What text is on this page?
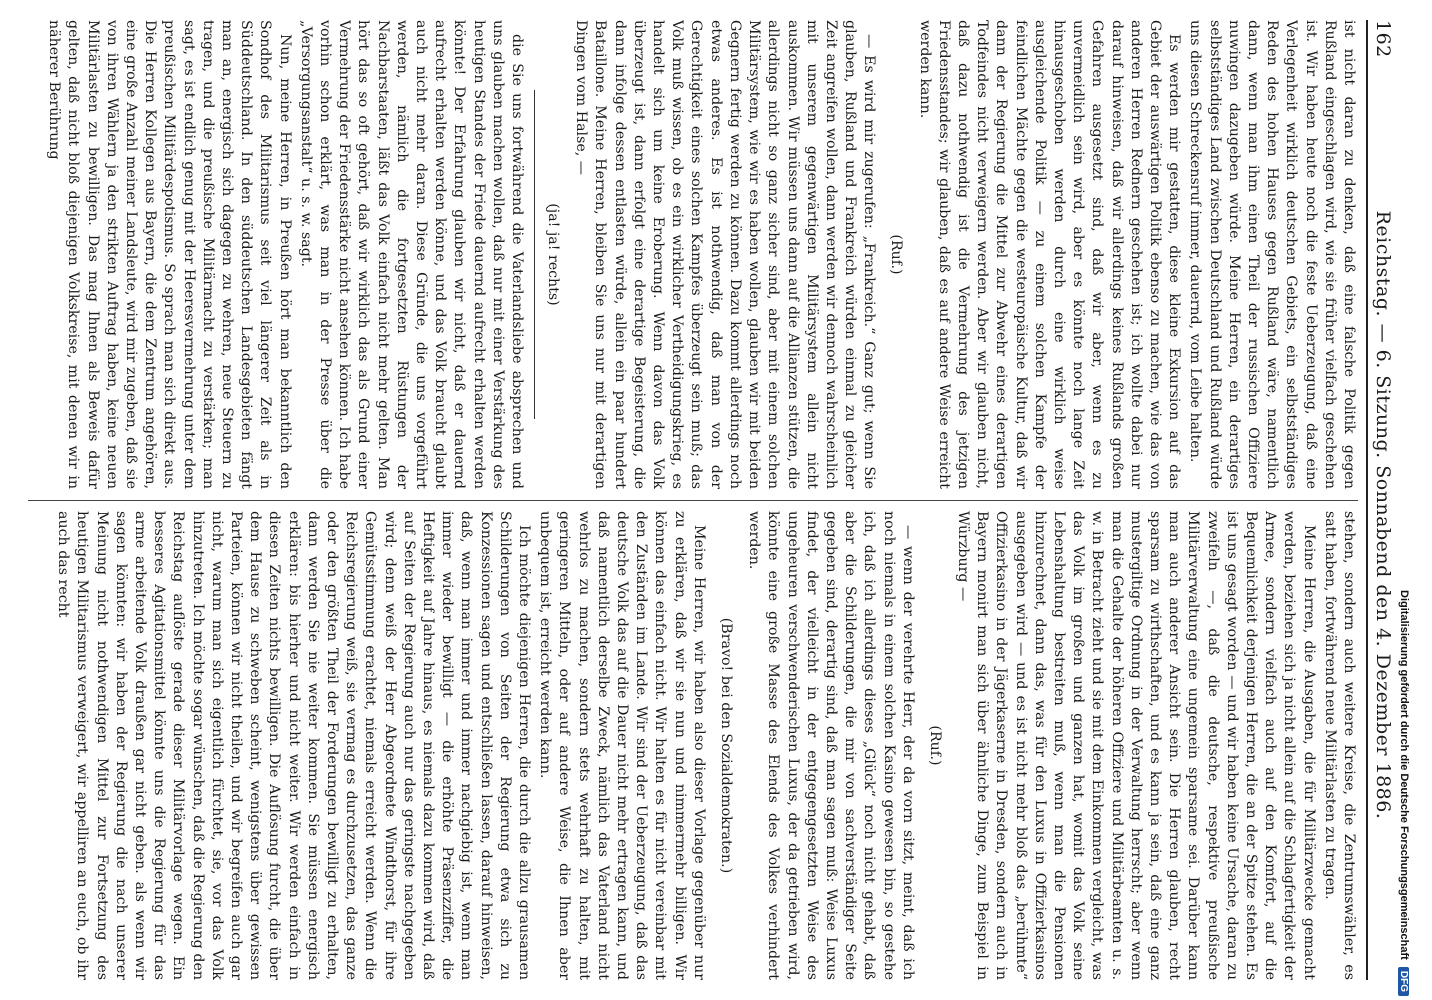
162
Reichstag. — 6. Sitzung. Sonnabend den 4. Dezember 1886.

ist nicht daran zu denken, daß eine falsche Politik gegen Rußland eingeschlagen wird, wie sie früher vielfach geschehen ist. Wir haben heute noch die feste Ueberzeugung, daß eine Verlegenheit wirklich deutschen Gebiets, ein selbstständiges Reden des hohen Hauses gegen Rußland wäre, namentlich dann, wenn man ihm einen Theil der russischen Offiziere nuwingen dazugeben würde. Meine Herren, ein derartiges selbstständiges Land zwischen Deutschland und Rußland würde uns diesen Schreckensruf immer, dauernd, vom Leibe halten.

Es werden mir gestatten, diese kleine Exkursion auf das Gebiet der auswärtigen Politik ebenso zu machen, wie das von anderen Herren Rednern geschehen ist; ich wollte dabei nur darauf hinweisen, daß wir allerdings keines Rußlands großen Gefahren ausgesetzt sind, daß wir aber, wenn es zu unvermeidlich sein wird, aber es könnte noch lange Zeit hinausgeschoben werden durch eine wirklich weise ausgleichende Politik — zu einem solchen Kampfe der feindlichen Mächte gegen die westeuropäische Kultur, daß wir dann der Regierung die Mittel zur Abwehr eines derartigen Todfeindes nicht verweigern werden. Aber wir glauben nicht, daß dazu nothwendig ist die Vermehrung des jetzigen Friedensstandes; wir glauben, daß es auf andere Weise erreicht werden kann.

(Ruf.)

— Es wird mir zugerufen: „Frankreich.“ Ganz gut; wenn Sie glauben, Rußland und Frankreich würden einmal zu gleicher Zeit angreifen wollen, dann werden wir dennoch wahrscheinlich mit unserem gegenwärtigen Militärsystem allein nicht auskommen. Wir müssen uns dann auf die Allianzen stützen, die allerdings nicht so ganz sicher sind, aber mit einem solchen Militärsystem, wie wir es haben wollen, glauben wir mit beiden Gegnern fertig werden zu können. Dazu kommt allerdings noch etwas anderes. Es ist nothwendig, daß man von der Gerechtigkeit eines solchen Kampfes überzeugt sein muß; das Volk muß wissen, ob es ein wirklicher Vertheidigungskrieg, es handelt sich um keine Eroberung. Wenn davon das Volk überzeugt ist, dann erfolgt eine derartige Begeisterung, die dann infolge dessen entlasten würde, allein ein paar hundert Bataillone. Meine Herren, bleiben Sie uns nur mit derartigen Dingen vom Halse, —

(ja! ja! rechts)

die Sie uns fortwährend die Vaterlandsliebe absprechen und uns glauben machen wollen, daß nur mit einer Verstärkung des heutigen Standes der Friede dauernd aufrecht erhalten werden könnte! Der Erfahrung glauben wir nicht, daß er dauernd aufrecht erhalten werden könne, und das Volk braucht glaubt auch nicht mehr daran. Diese Gründe, die uns vorgeführt werden, nämlich die fortgesetzten Rüstungen der Nachbarstaaten, läßt das Volk einfach nicht mehr gelten. Man hört das so oft gehört, daß wir wirklich das als Grund einer Vermehrung der Friedensstärke nicht ansehen können. Ich habe vorhin schon erklärt, was man in der Presse über die „Versorgungsanstalt“ u. s. w. sagt.

Nun, meine Herren, in Preußen hört man bekanntlich den Sondhof des Militarismus seit viel längerer Zeit als in Süddeutschland. In den süddeutschen Landesgebieten fängt man an, energisch sich dagegen zu wehren, neue Steuern zu tragen, und die preußische Militärmacht zu verstärken; man sagt, es ist endlich genug mit der Heeresvermehrung unter dem preußischen Militärdespotismus. So sprach man sich direkt aus. Die Herren Kollegen aus Bayern, die dem Zentrum angehören, eine große Anzahl meiner Landsleute, wird mir zugeben, daß sie von ihren Wählern ja den strikten Auftrag haben, keine neuen Militärlasten zu bewilligen. Das mag Ihnen als Beweis dafür gelten, daß nicht bloß diejenigen Volkskreise, mit denen wir in näherer Berührung

stehen, sondern auch weitere Kreise, die Zentrumswähler, es satt haben, fortwährend neue Militärlasten zu tragen.

Meine Herren, die Ausgaben, die für Militärzwecke gemacht werden, beziehen sich ja nicht allein auf die Schlagfertigkeit der Armee, sondern vielfach auch auf den Komfort, auf die Bequemlichkeit derjenigen Herren, die an der Spitze stehen. Es ist uns gesagt worden — und wir haben keine Ursache, daran zu zweifeln —, daß die deutsche, respektive preußische Militärverwaltung eine ungemein sparsame sei. Darüber kann man auch anderer Ansicht sein. Die Herren glauben, recht sparsam zu wirthschaften, und es kann ja sein, daß eine ganz mustergiltige Ordnung in der Verwaltung herrscht; aber wenn man die Gehalte der höheren Offiziere und Militärbeamten u. s. w. in Betracht zieht und sie mit dem Einkommen vergleicht, was das Volk im großen und ganzen hat, womit das Volk seine Lebenshaltung bestreiten muß, wenn man die Pensionen hinzurechnet, dann das, was für den Luxus in Offizierkasinos ausgegeben wird — und es ist nicht mehr bloß das „berühmte“ Offizierkasino in der Jägerkaserne in Dresden, sondern auch in Bayern monirt man sich über ähnliche Dinge, zum Beispiel in Würzburg —

(Ruf.)

— wenn der verehrte Herr, der da vorn sitzt, meint, daß ich noch niemals in einem solchen Kasino gewesen bin, so gestehe ich, daß ich allerdings dieses „Glück“ noch nicht gehabt, daß aber die Schilderungen, die mir von sachverständiger Seite gegeben sind, derartig sind, daß man sagen muß: Weise Luxus findet, der vielleicht in der entgegengesetzten Weise des ungeheuren verschwenderischen Luxus, der da getrieben wird, könnte eine große Masse des Elends des Volkes verhindert werden.

(Bravo! bei den Sozialdemokraten.)

Meine Herren, wir haben also dieser Vorlage gegenüber nur zu erklären, daß wir sie nun und nimmermehr billigen. Wir können das einfach nicht. Wir halten es für nicht vereinbar mit den Zuständen im Lande. Wir sind der Ueberzeugung, daß das deutsche Volk das auf die Dauer nicht mehr ertragen kann, und daß namentlich derselbe Zweck, nämlich das Vaterland nicht wehrlos zu machen, sondern stets wehrhaft zu halten, mit geringeren Mitteln, oder auf andere Weise, die Ihnen aber unbequem ist, erreicht werden kann.

Ich möchte diejenigen Herren, die durch die allzu grausamen Schilderungen von Seiten der Regierung etwa sich zu Konzessionen sagen und entschließen lassen, darauf hinweisen, daß, wenn man immer und immer nachgiebig ist, wenn man immer wieder bewilligt — die erhöhte Präsenzziffer, die Heftigkeit auf Jahre hinaus, es niemals dazu kommen wird, daß auf Seiten der Regierung auch nur das geringste nachgegeben wird; denn weiß der Herr Abgeordnete Windthorst, für ihre Gemütsstimmung erachtet, niemals erreicht werden. Wenn die Reichsregierung weiß, sie vermag es durchzusetzen, das ganze oder den größten Theil der Forderungen bewilligt zu erhalten, dann werden Sie nie weiter kommen. Sie müssen energisch erklären: bis hierher und nicht weiter. Wir werden einfach in diesen Zeiten nichts bewilligen. Die Auflösung furcht, die über dem Hause zu schweben scheint, wenigstens über gewissen Parteien, können wir nicht theilen, und wir begreifen auch gar nicht, warum man sich eigentlich fürchtet, sie, vor das Volk hinzutreten. Ich möchte sogar wünschen, daß die Regierung den Reichstag auflöste gerade dieser Militärvorlage wegen. Ein besseres Agitationsmittel könnte uns die Regierung für das arme arbeitende Volk draußen gar nicht geben. als wenn wir sagen könnten: wir haben der Regierung die nach unserer Meinung nicht nothwendigen Mittel zur Fortsetzung des heutigen Militarismus verweigert, wir appelliren an euch, ob ihr auch das recht

Digitalisierung gefördert durch die Deutsche Forschungsgemeinschaft DFG
